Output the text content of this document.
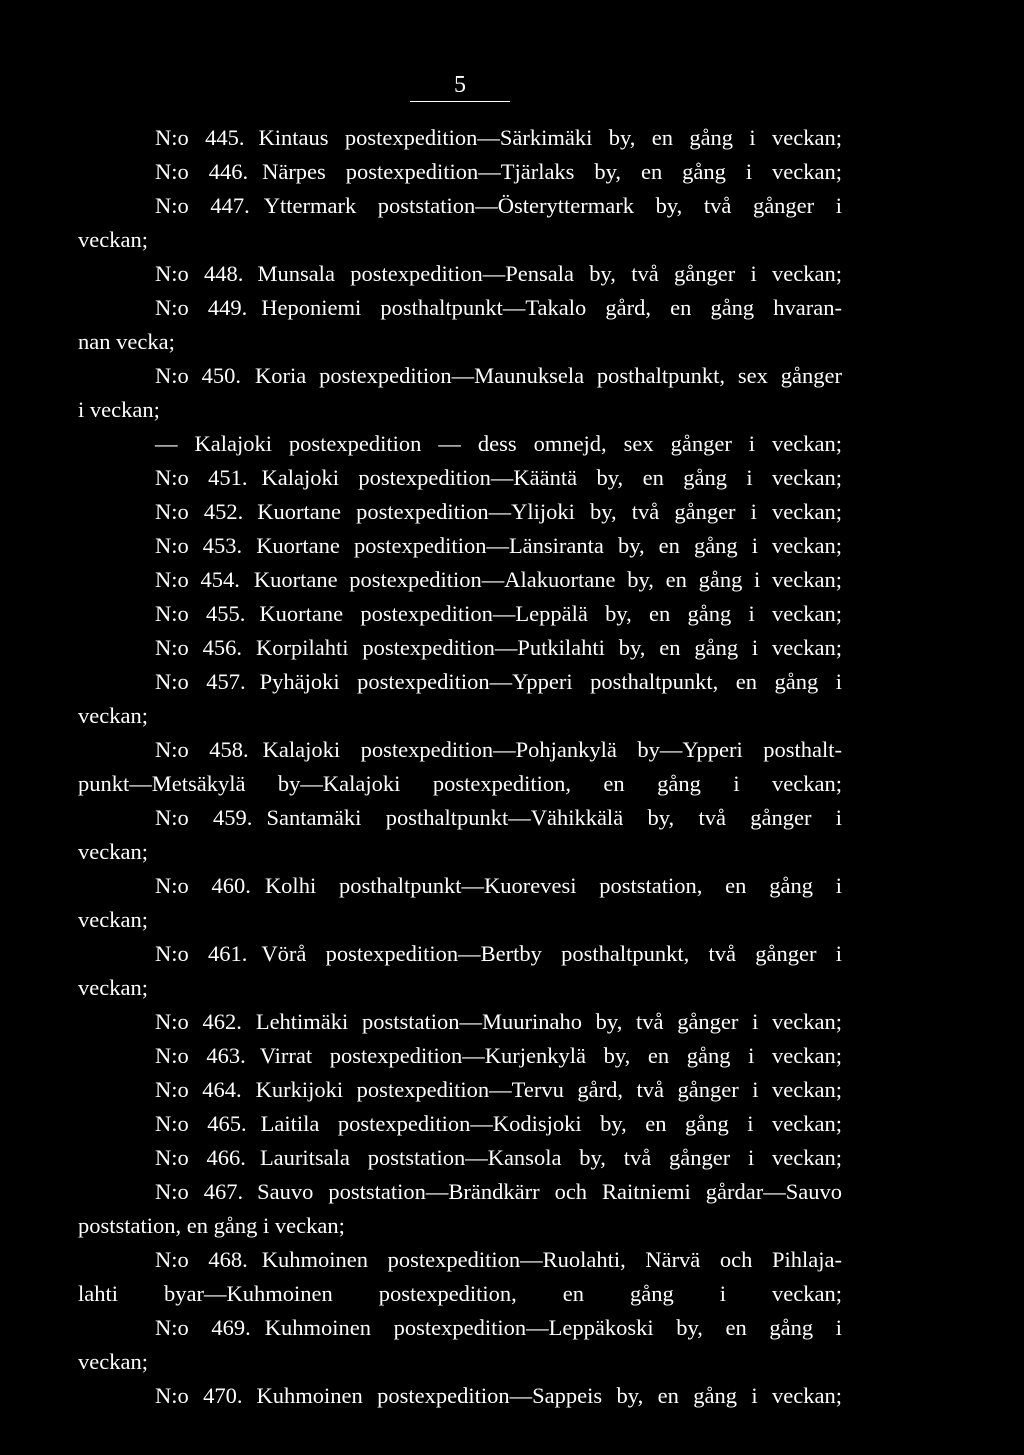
5
N:o 445. Kintaus postexpedition—Särkimäki by, en gång i veckan;
N:o 446. Närpes postexpedition—Tjärlaks by, en gång i veckan;
N:o 447. Yttermark poststation—Österyttermark by, två gånger i
veckan;
N:o 448. Munsala postexpedition—Pensala by, två gånger i veckan;
N:o 449. Heponiemi posthaltpunkt—Takalo gård, en gång hvaran-
nan vecka;
N:o 450. Koria postexpedition—Maunuksela posthaltpunkt, sex gånger
i veckan;
— Kalajoki postexpedition — dess omnejd, sex gånger i veckan;
N:o 451. Kalajoki postexpedition—Kääntä by, en gång i veckan;
N:o 452. Kuortane postexpedition—Ylijoki by, två gånger i veckan;
N:o 453. Kuortane postexpedition—Länsiranta by, en gång i veckan;
N:o 454. Kuortane postexpedition—Alakuortane by, en gång i veckan;
N:o 455. Kuortane postexpedition—Leppälä by, en gång i veckan;
N:o 456. Korpilahti postexpedition—Putkilahti by, en gång i veckan;
N:o 457. Pyhäjoki postexpedition—Ypperi posthaltpunkt, en gång i
veckan;
N:o 458. Kalajoki postexpedition—Pohjankylä by—Ypperi posthalt-
punkt—Metsäkylä by—Kalajoki postexpedition, en gång i veckan;
N:o 459. Santamäki posthaltpunkt—Vähikkälä by, två gånger i
veckan;
N:o 460. Kolhi posthaltpunkt—Kuorevesi poststation, en gång i
veckan;
N:o 461. Vörå postexpedition—Bertby posthaltpunkt, två gånger i
veckan;
N:o 462. Lehtimäki poststation—Muurinaho by, två gånger i veckan;
N:o 463. Virrat postexpedition—Kurjenkylä by, en gång i veckan;
N:o 464. Kurkijoki postexpedition—Tervu gård, två gånger i veckan;
N:o 465. Laitila postexpedition—Kodisjoki by, en gång i veckan;
N:o 466. Lauritsala poststation—Kansola by, två gånger i veckan;
N:o 467. Sauvo poststation—Brändkärr och Raitniemi gårdar—Sauvo
poststation, en gång i veckan;
N:o 468. Kuhmoinen postexpedition—Ruolahti, Närvä och Pihlaja-
lahti byar—Kuhmoinen postexpedition, en gång i veckan;
N:o 469. Kuhmoinen postexpedition—Leppäkoski by, en gång i
veckan;
N:o 470. Kuhmoinen postexpedition—Sappeis by, en gång i veckan;
